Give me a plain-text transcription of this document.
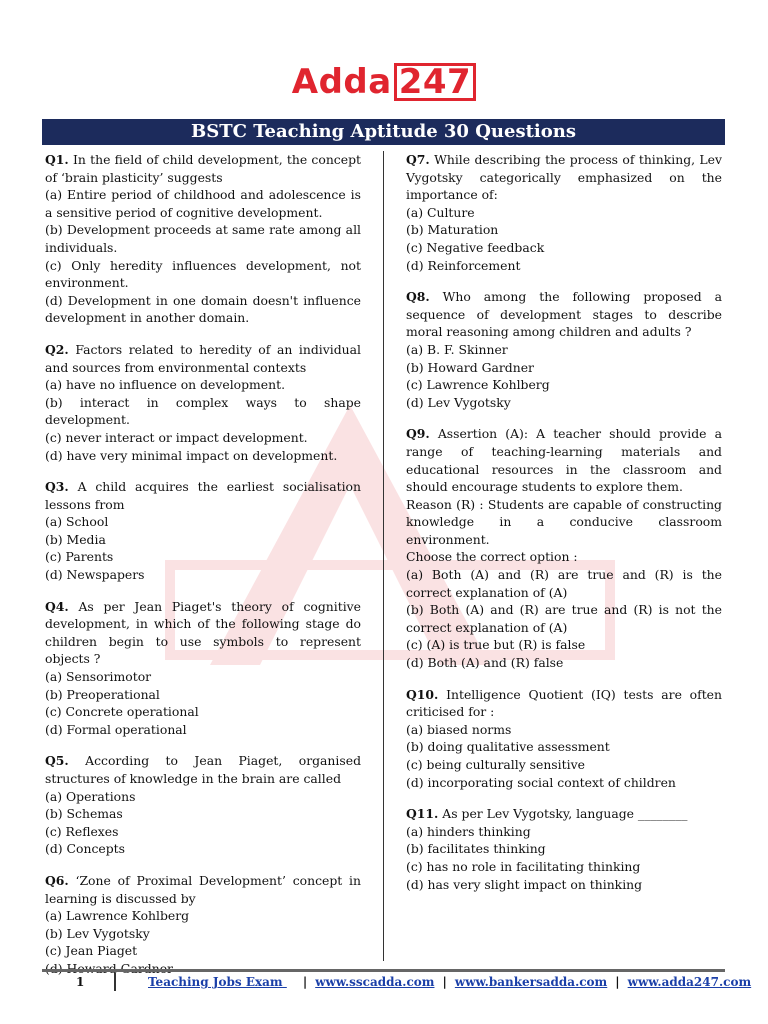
Adda 247
BSTC Teaching Aptitude 30 Questions
Q1. In the field of child development, the concept of ‘brain plasticity’ suggests
(a) Entire period of childhood and adolescence is a sensitive period of cognitive development.
(b) Development proceeds at same rate among all individuals.
(c) Only heredity influences development, not environment.
(d) Development in one domain doesn't influence development in another domain.
Q2. Factors related to heredity of an individual and sources from environmental contexts
(a) have no influence on development.
(b) interact in complex ways to shape development.
(c) never interact or impact development.
(d) have very minimal impact on development.
Q3. A child acquires the earliest socialisation lessons from
(a) School
(b) Media
(c) Parents
(d) Newspapers
Q4. As per Jean Piaget's theory of cognitive development, in which of the following stage do children begin to use symbols to represent objects ?
(a) Sensorimotor
(b) Preoperational
(c) Concrete operational
(d) Formal operational
Q5. According to Jean Piaget, organised structures of knowledge in the brain are called
(a) Operations
(b) Schemas
(c) Reflexes
(d) Concepts
Q6. ‘Zone of Proximal Development’ concept in learning is discussed by
(a) Lawrence Kohlberg
(b) Lev Vygotsky
(c) Jean Piaget
Q7. While describing the process of thinking, Lev Vygotsky categorically emphasized on the importance of:
(a) Culture
(b) Maturation
(c) Negative feedback
(d) Reinforcement
Q8. Who among the following proposed a sequence of development stages to describe moral reasoning among children and adults ?
(a) B. F. Skinner
(b) Howard Gardner
(c) Lawrence Kohlberg
(d) Lev Vygotsky
Q9. Assertion (A): A teacher should provide a range of teaching-learning materials and educational resources in the classroom and should encourage students to explore them.
Reason (R) : Students are capable of constructing knowledge in a conducive classroom environment.
Choose the correct option :
(a) Both (A) and (R) are true and (R) is the correct explanation of (A)
(b) Both (A) and (R) are true and (R) is not the correct explanation of (A)
(c) (A) is true but (R) is false
(d) Both (A) and (R) false
Q10. Intelligence Quotient (IQ) tests are often criticised for :
(a) biased norms
(b) doing qualitative assessment
(c) being culturally sensitive
(d) incorporating social context of children
Q11. As per Lev Vygotsky, language ________
(a) hinders thinking
(b) facilitates thinking
(c) has no role in facilitating thinking
(d) has very slight impact on thinking
1	Teaching Jobs Exam | www.sscadda.com | www.bankersadda.com | www.adda247.com
